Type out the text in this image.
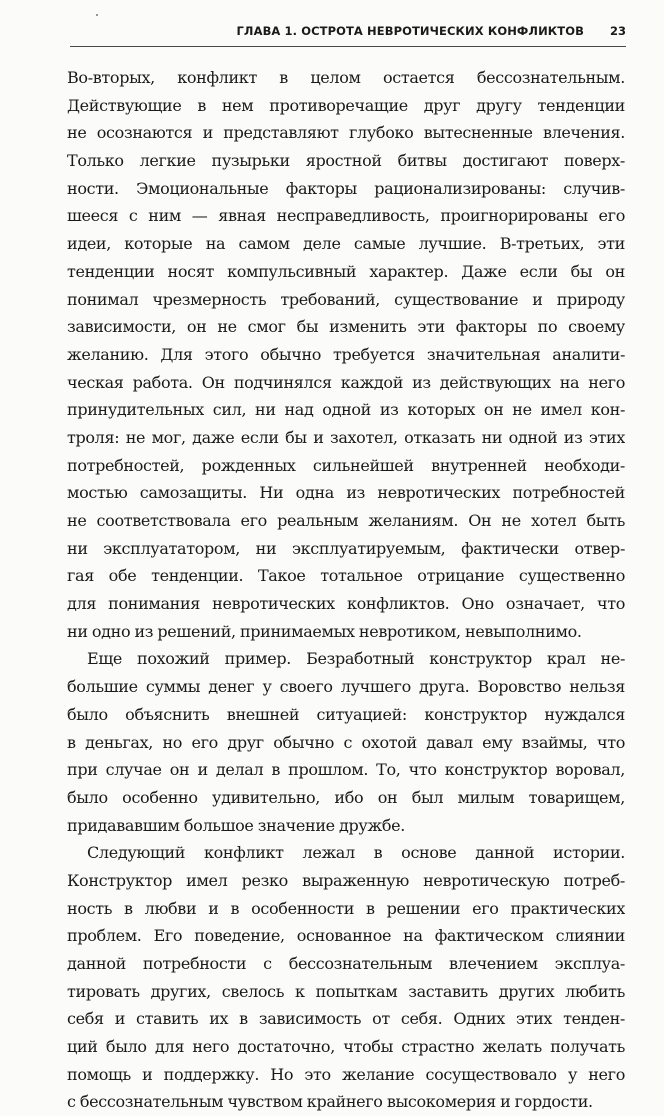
ГЛАВА 1. ОСТРОТА НЕВРОТИЧЕСКИХ КОНФЛИКТОВ 23

Во-вторых, конфликт в целом остается бессознательным.
Действующие в нем противоречащие друг другу тенденции
не осознаются и представляют глубоко вытесненные влечения.
Только легкие пузырьки яростной битвы достигают поверх-
ности. Эмоциональные факторы рационализированы: случив-
шееся с ним — явная несправедливость, проигнорированы его
идеи, которые на самом деле самые лучшие. В-третьих, эти
тенденции носят компульсивный характер. Даже если бы он
понимал чрезмерность требований, существование и природу
зависимости, он не смог бы изменить эти факторы по своему
желанию. Для этого обычно требуется значительная аналити-
ческая работа. Он подчинялся каждой из действующих на него
принудительных сил, ни над одной из которых он не имел кон-
троля: не мог, даже если бы и захотел, отказать ни одной из этих
потребностей, рожденных сильнейшей внутренней необходи-
мостью самозащиты. Ни одна из невротических потребностей
не соответствовала его реальным желаниям. Он не хотел быть
ни эксплуататором, ни эксплуатируемым, фактически отвер-
гая обе тенденции. Такое тотальное отрицание существенно
для понимания невротических конфликтов. Оно означает, что
ни одно из решений, принимаемых невротиком, невыполнимо.

Еще похожий пример. Безработный конструктор крал не-
большие суммы денег у своего лучшего друга. Воровство нельзя
было объяснить внешней ситуацией: конструктор нуждался
в деньгах, но его друг обычно с охотой давал ему взаймы, что
при случае он и делал в прошлом. То, что конструктор воровал,
было особенно удивительно, ибо он был милым товарищем,
придававшим большое значение дружбе.

Следующий конфликт лежал в основе данной истории.
Конструктор имел резко выраженную невротическую потреб-
ность в любви и в особенности в решении его практических
проблем. Его поведение, основанное на фактическом слиянии
данной потребности с бессознательным влечением эксплуа-
тировать других, свелось к попыткам заставить других любить
себя и ставить их в зависимость от себя. Одних этих тенден-
ций было для него достаточно, чтобы страстно желать получать
помощь и поддержку. Но это желание сосуществовало у него
с бессознательным чувством крайнего высокомерия и гордости.
